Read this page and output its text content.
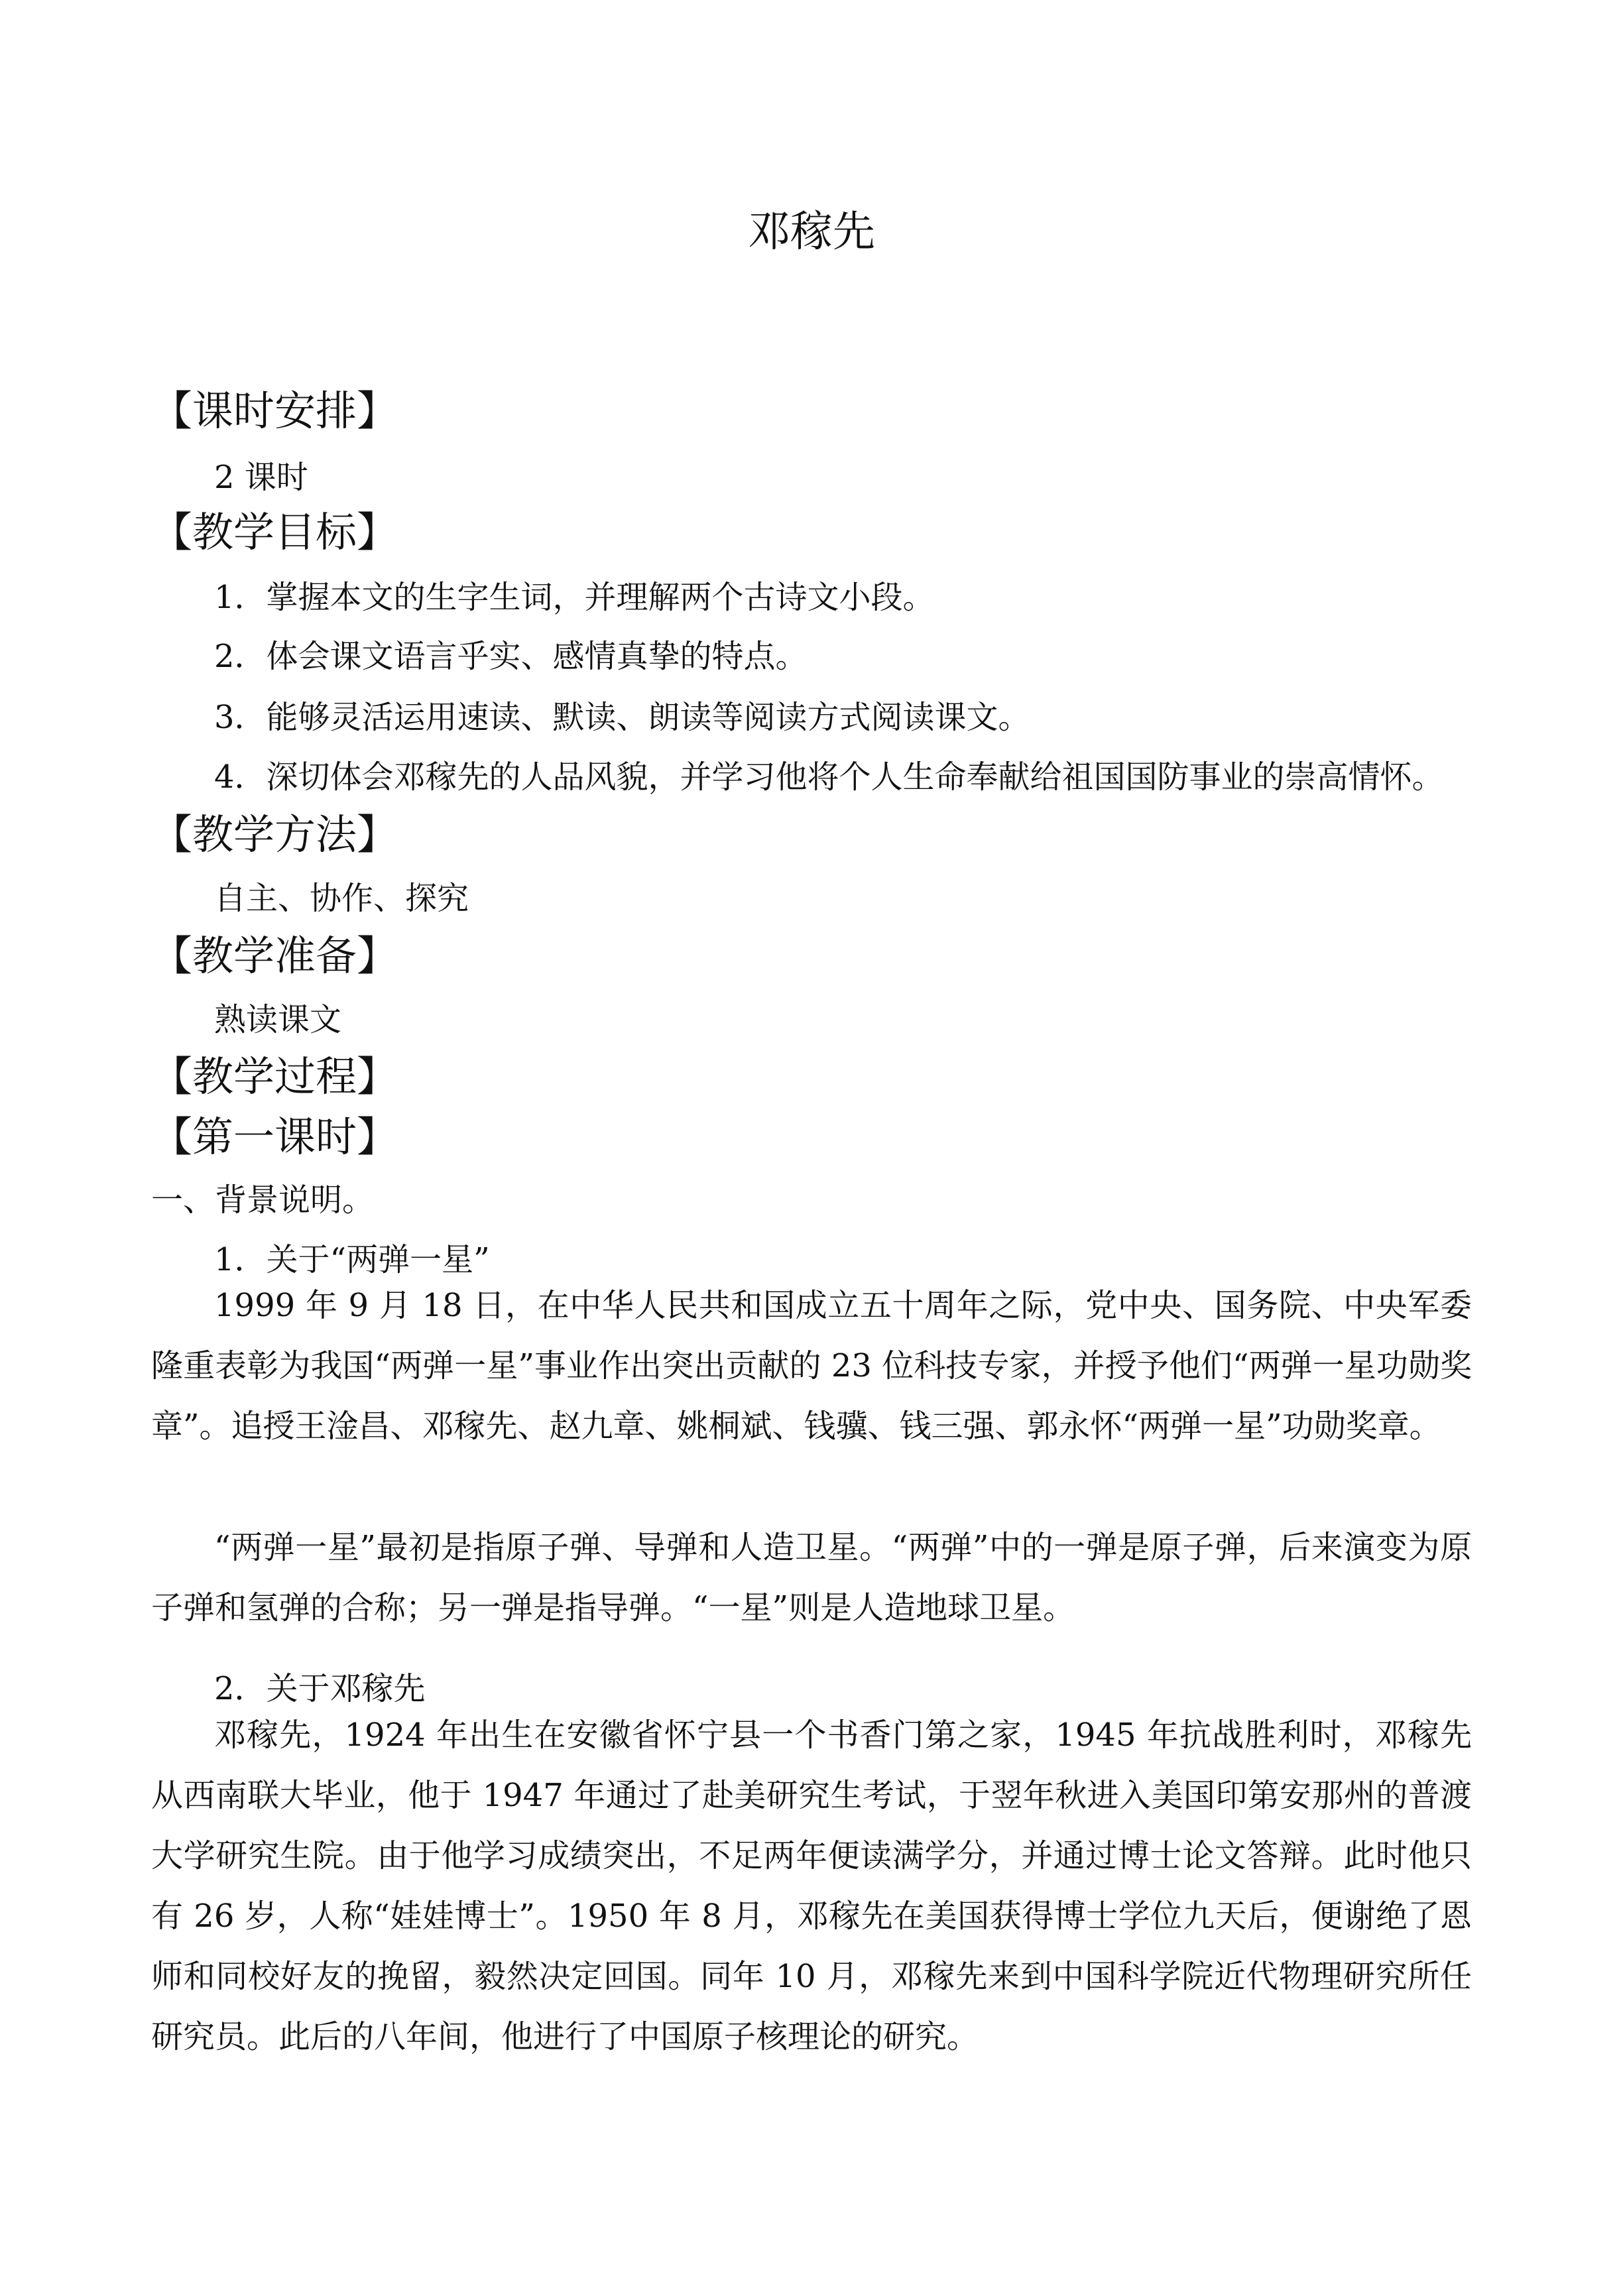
邓稼先
【课时安排】
2 课时
【教学目标】
1．掌握本文的生字生词，并理解两个古诗文小段。
2．体会课文语言乎实、感情真挚的特点。
3．能够灵活运用速读、默读、朗读等阅读方式阅读课文。
4．深切体会邓稼先的人品风貌，并学习他将个人生命奉献给祖国国防事业的崇高情怀。
【教学方法】
自主、协作、探究
【教学准备】
熟读课文
【教学过程】
【第一课时】
一、背景说明。
1．关于“两弹一星”

1999 年 9 月 18 日，在中华人民共和国成立五十周年之际，党中央、国务院、中央军委隆重表彰为我国“两弹一星”事业作出突出贡献的 23 位科技专家，并授予他们“两弹一星功勋奖章”。追授王淦昌、邓稼先、赵九章、姚桐斌、钱骥、钱三强、郭永怀“两弹一星”功勋奖章。

“两弹一星”最初是指原子弹、导弹和人造卫星。“两弹”中的一弹是原子弹，后来演变为原子弹和氢弹的合称；另一弹是指导弹。“一星”则是人造地球卫星。

2．关于邓稼先

邓稼先，1924 年出生在安徽省怀宁县一个书香门第之家，1945 年抗战胜利时，邓稼先从西南联大毕业，他于 1947 年通过了赴美研究生考试，于翌年秋进入美国印第安那州的普渡大学研究生院。由于他学习成绩突出，不足两年便读满学分，并通过博士论文答辩。此时他只有 26 岁，人称“娃娃博士”。1950 年 8 月，邓稼先在美国获得博士学位九天后，便谢绝了恩师和同校好友的挽留，毅然决定回国。同年 10 月，邓稼先来到中国科学院近代物理研究所任研究员。此后的八年间，他进行了中国原子核理论的研究。
